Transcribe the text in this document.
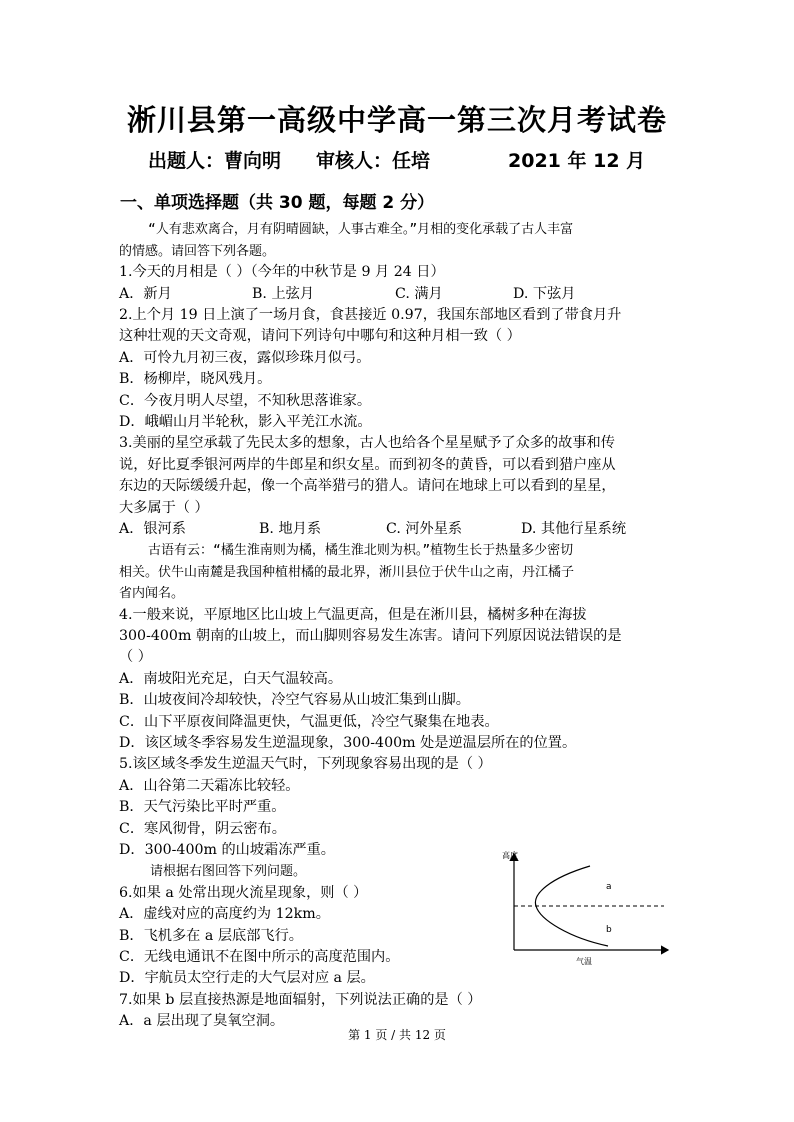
淅川县第一高级中学高一第三次月考试卷
出题人：曹向明 审核人：任培	2021 年 12 月
一、单项选择题（共 30 题，每题 2 分）
“人有悲欢离合，月有阴晴圆缺，人事古难全。”月相的变化承载了古人丰富
的情感。请回答下列各题。
1.今天的月相是（ ）（今年的中秋节是 9 月 24 日）
A．新月	B. 上弦月	C. 满月	D. 下弦月
2.上个月 19 日上演了一场月食，食甚接近 0.97，我国东部地区看到了带食月升
这种壮观的天文奇观，请问下列诗句中哪句和这种月相一致（ ）
A．可怜九月初三夜，露似珍珠月似弓。
B．杨柳岸，晓风残月。
C．今夜月明人尽望，不知秋思落谁家。
D．峨嵋山月半轮秋，影入平羌江水流。
3.美丽的星空承载了先民太多的想象，古人也给各个星星赋予了众多的故事和传
说，好比夏季银河两岸的牛郎星和织女星。而到初冬的黄昏，可以看到猎户座从
东边的天际缓缓升起，像一个高举猎弓的猎人。请问在地球上可以看到的星星，
大多属于（ ）
A．银河系	B. 地月系	C. 河外星系	D. 其他行星系统
古语有云：“橘生淮南则为橘，橘生淮北则为枳。”植物生长于热量多少密切
相关。伏牛山南麓是我国种植柑橘的最北界，淅川县位于伏牛山之南，丹江橘子
省内闻名。
4.一般来说，平原地区比山坡上气温更高，但是在淅川县，橘树多种在海拔
300-400m 朝南的山坡上，而山脚则容易发生冻害。请问下列原因说法错误的是
（ ）
A．南坡阳光充足，白天气温较高。
B．山坡夜间冷却较快，冷空气容易从山坡汇集到山脚。
C．山下平原夜间降温更快，气温更低，冷空气聚集在地表。
D．该区域冬季容易发生逆温现象，300-400m 处是逆温层所在的位置。
5.该区域冬季发生逆温天气时，下列现象容易出现的是（ ）
A．山谷第二天霜冻比较轻。
B．天气污染比平时严重。
C．寒风彻骨，阴云密布。
D．300-400m 的山坡霜冻严重。
请根据右图回答下列问题。
6.如果 a 处常出现火流星现象，则（ ）
A．虚线对应的高度约为 12km。
B．飞机多在 a 层底部飞行。
C．无线电通讯不在图中所示的高度范围内。
D．宇航员太空行走的大气层对应 a 层。
7.如果 b 层直接热源是地面辐射，下列说法正确的是（ ）
A．a 层出现了臭氧空洞。
高度
气温
a
b
第 1 页 / 共 12 页
